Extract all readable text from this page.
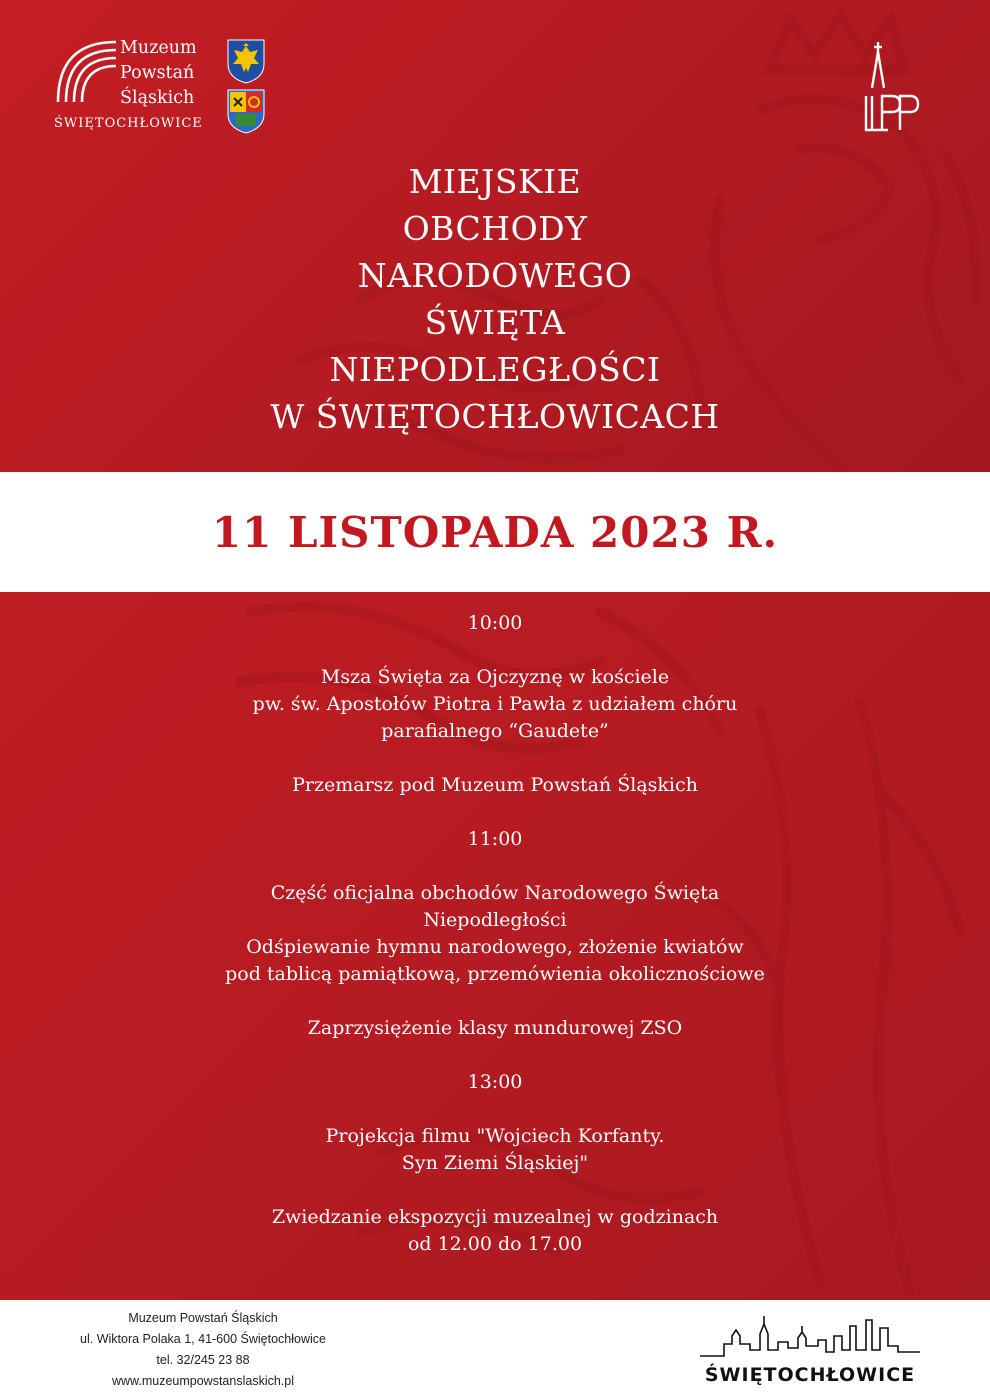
Muzeum
Powstań
Śląskich
ŚWIĘTOCHŁOWICE
MIEJSKIE
OBCHODY
NARODOWEGO
ŚWIĘTA
NIEPODLEGŁOŚCI
W ŚWIĘTOCHŁOWICACH
11 LISTOPADA 2023 R.
10:00
Msza Święta za Ojczyznę w kościele
pw. św. Apostołów Piotra i Pawła z udziałem chóru
parafialnego “Gaudete”
Przemarsz pod Muzeum Powstań Śląskich
11:00
Część oficjalna obchodów Narodowego Święta
Niepodległości
Odśpiewanie hymnu narodowego, złożenie kwiatów
pod tablicą pamiątkową, przemówienia okolicznościowe
Zaprzysiężenie klasy mundurowej ZSO
13:00
Projekcja filmu "Wojciech Korfanty.
Syn Ziemi Śląskiej"
Zwiedzanie ekspozycji muzealnej w godzinach
od 12.00 do 17.00
Muzeum Powstań Śląskich
ul. Wiktora Polaka 1, 41-600 Świętochłowice
tel. 32/245 23 88
www.muzeumpowstanslaskich.pl	ŚWIĘTOCHŁOWICE
